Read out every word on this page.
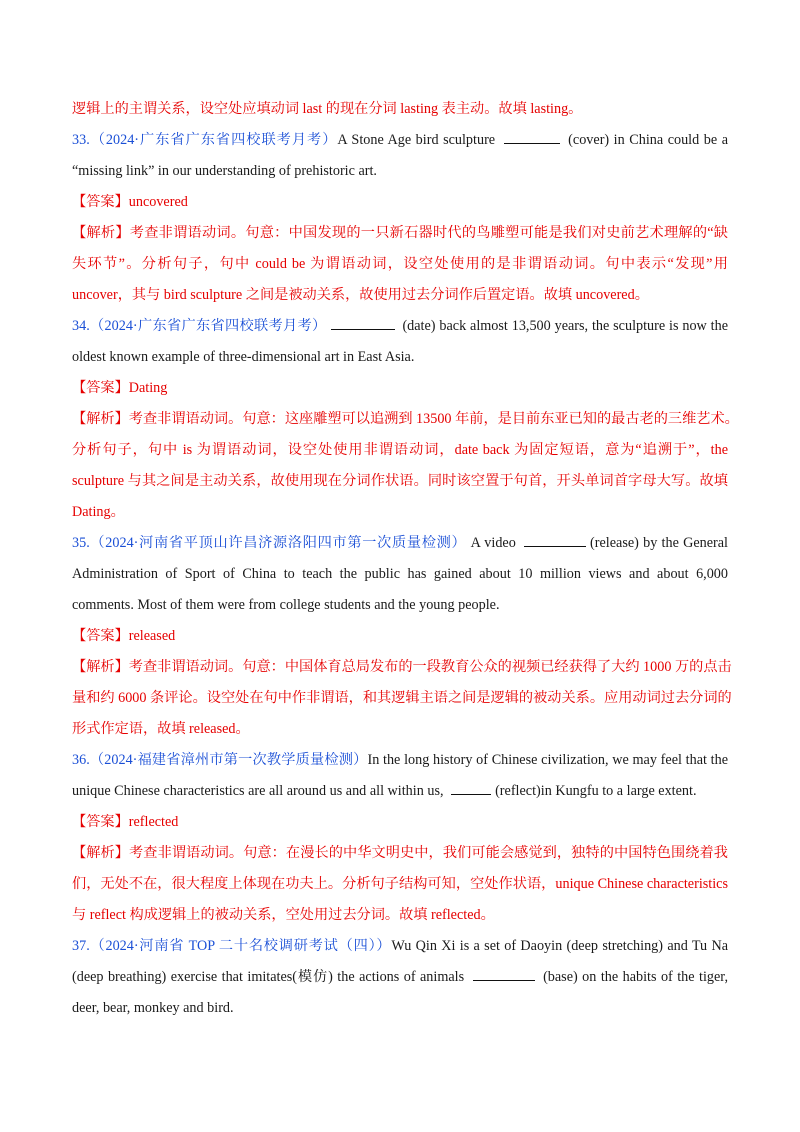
逻辑上的主谓关系，设空处应填动词 last 的现在分词 lasting 表主动。故填 lasting。
33.（2024·广东省广东省四校联考月考）A Stone Age bird sculpture	(cover) in China could be a
“missing link” in our understanding of prehistoric art.
【答案】uncovered
【解析】考查非谓语动词。句意：中国发现的一只新石器时代的鸟雕塑可能是我们对史前艺术理解的“缺
失环节”。分析句子，句中 could be 为谓语动词，设空处使用的是非谓语动词。句中表示“发现”用
uncover，其与 bird sculpture 之间是被动关系，故使用过去分词作后置定语。故填 uncovered。
34.（2024·广东省广东省四校联考月考）	(date) back almost 13,500 years, the sculpture is now the
oldest known example of three-dimensional art in East Asia.
【答案】Dating
【解析】考查非谓语动词。句意：这座雕塑可以追溯到 13500 年前，是目前东亚已知的最古老的三维艺术。
分析句子，句中 is 为谓语动词，设空处使用非谓语动词，date back 为固定短语，意为“追溯于”，the
sculpture 与其之间是主动关系，故使用现在分词作状语。同时该空置于句首，开头单词首字母大写。故填
Dating。
35.（2024·河南省平顶山许昌济源洛阳四市第一次质量检测） A video	(release) by the General
Administration of Sport of China to teach the public has gained about 10 million views and about 6,000
comments. Most of them were from college students and the young people.
【答案】released
【解析】考查非谓语动词。句意：中国体育总局发布的一段教育公众的视频已经获得了大约 1000 万的点击
量和约 6000 条评论。设空处在句中作非谓语，和其逻辑主语之间是逻辑的被动关系。应用动词过去分词的
形式作定语，故填 released。
36.（2024·福建省漳州市第一次教学质量检测）In the long history of Chinese civilization, we may feel that the
unique Chinese characteristics are all around us and all within us,	(reflect)in Kungfu to a large extent.
【答案】reflected
【解析】考查非谓语动词。句意：在漫长的中华文明史中，我们可能会感觉到，独特的中国特色围绕着我
们，无处不在，很大程度上体现在功夫上。分析句子结构可知，空处作状语，unique Chinese characteristics
与 reflect 构成逻辑上的被动关系，空处用过去分词。故填 reflected。
37.（2024·河南省 TOP 二十名校调研考试（四））Wu Qin Xi is a set of Daoyin (deep stretching) and Tu Na
(deep breathing) exercise that imitates(模仿) the actions of animals	(base) on the habits of the tiger,
deer, bear, monkey and bird.
